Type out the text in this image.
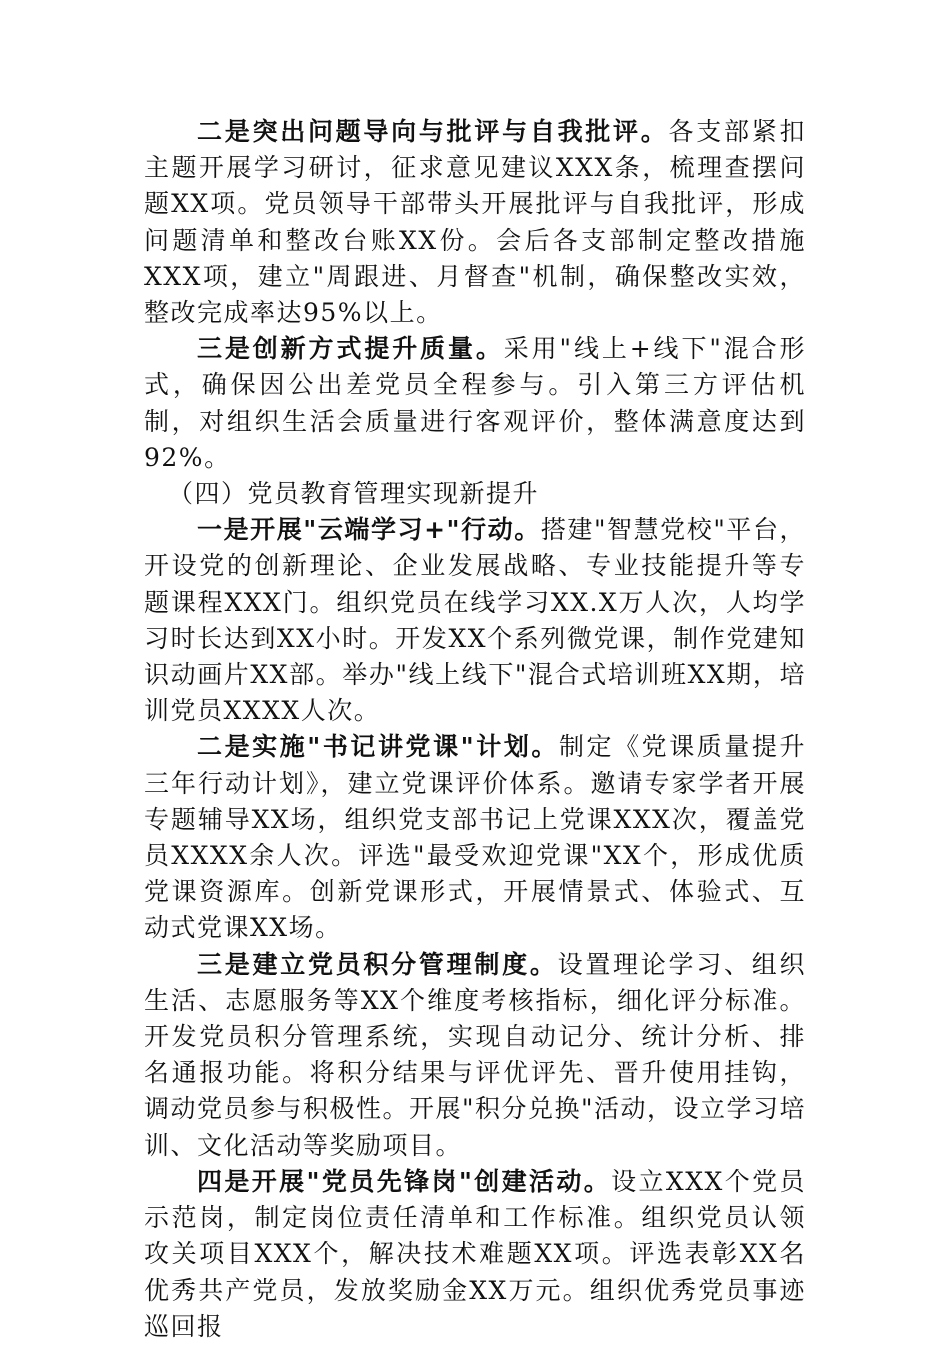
二是突出问题导向与批评与自我批评。各支部紧扣主题开展学习研讨，征求意见建议XXX条，梳理查摆问题XX项。党员领导干部带头开展批评与自我批评，形成问题清单和整改台账XX份。会后各支部制定整改措施XXX项，建立"周跟进、月督查"机制，确保整改实效，整改完成率达95%以上。

三是创新方式提升质量。采用"线上+线下"混合形式，确保因公出差党员全程参与。引入第三方评估机制，对组织生活会质量进行客观评价，整体满意度达到92%。

（四）党员教育管理实现新提升

一是开展"云端学习+"行动。搭建"智慧党校"平台，开设党的创新理论、企业发展战略、专业技能提升等专题课程XXX门。组织党员在线学习XX.X万人次，人均学习时长达到XX小时。开发XX个系列微党课，制作党建知识动画片XX部。举办"线上线下"混合式培训班XX期，培训党员XXXX人次。

二是实施"书记讲党课"计划。制定《党课质量提升三年行动计划》，建立党课评价体系。邀请专家学者开展专题辅导XX场，组织党支部书记上党课XXX次，覆盖党员XXXX余人次。评选"最受欢迎党课"XX个，形成优质党课资源库。创新党课形式，开展情景式、体验式、互动式党课XX场。

三是建立党员积分管理制度。设置理论学习、组织生活、志愿服务等XX个维度考核指标，细化评分标准。开发党员积分管理系统，实现自动记分、统计分析、排名通报功能。将积分结果与评优评先、晋升使用挂钩，调动党员参与积极性。开展"积分兑换"活动，设立学习培训、文化活动等奖励项目。

四是开展"党员先锋岗"创建活动。设立XXX个党员示范岗，制定岗位责任清单和工作标准。组织党员认领攻关项目XXX个，解决技术难题XX项。评选表彰XX名优秀共产党员，发放奖励金XX万元。组织优秀党员事迹巡回报
